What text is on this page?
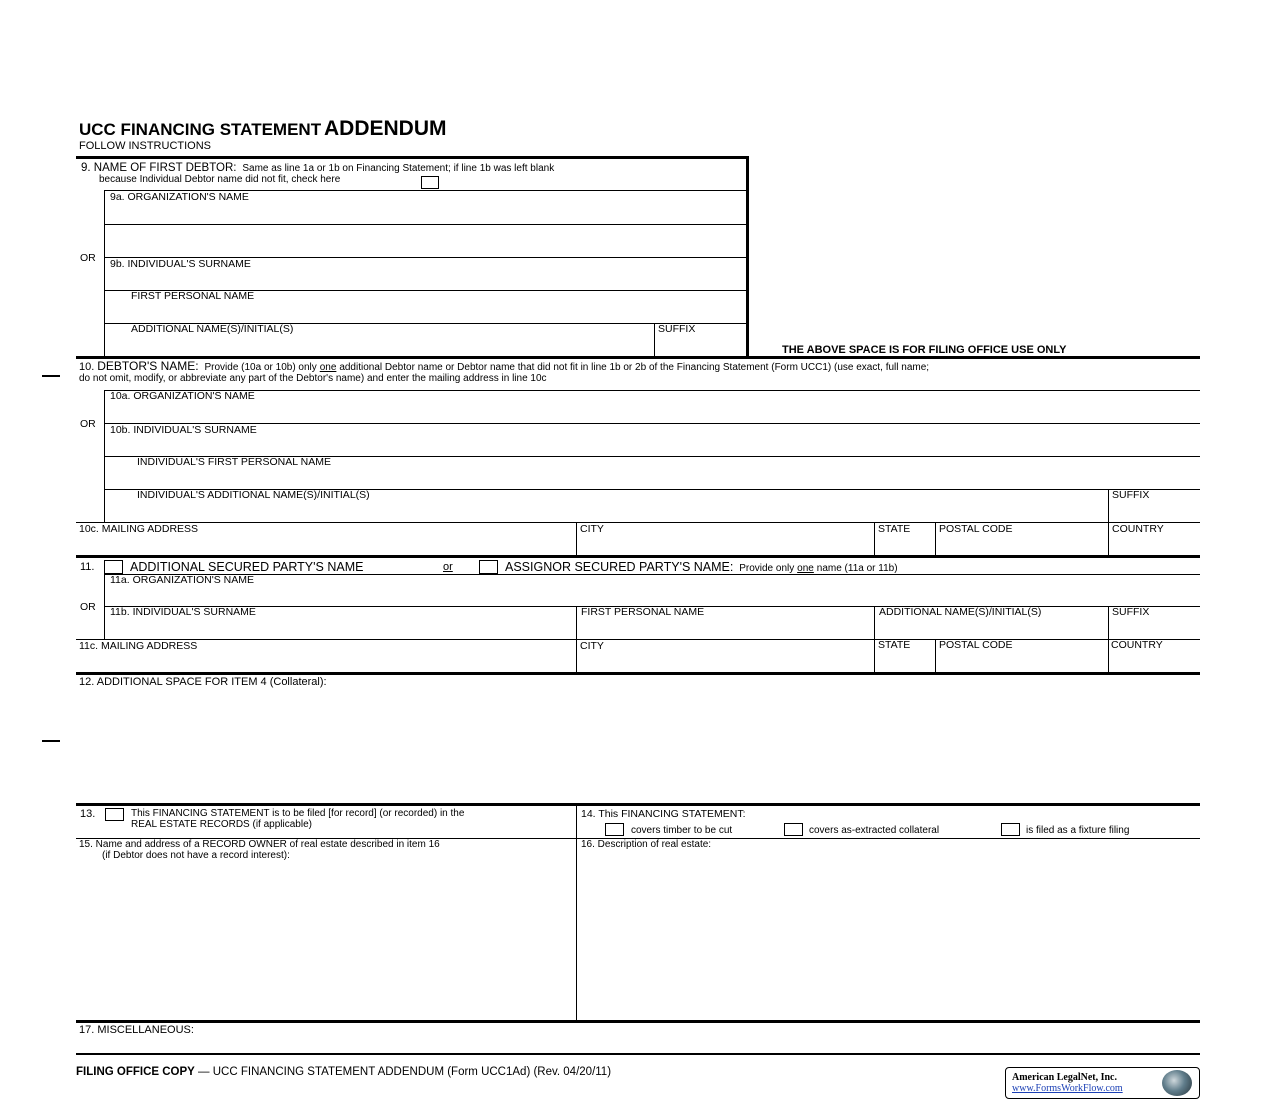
UCC FINANCING STATEMENT ADDENDUM
FOLLOW INSTRUCTIONS
9. NAME OF FIRST DEBTOR: Same as line 1a or 1b on Financing Statement; if line 1b was left blank
because Individual Debtor name did not fit, check here
9a. ORGANIZATION'S NAME
OR 9b. INDIVIDUAL'S SURNAME
FIRST PERSONAL NAME
ADDITIONAL NAME(S)/INITIAL(S)	SUFFIX
THE ABOVE SPACE IS FOR FILING OFFICE USE ONLY
10. DEBTOR'S NAME: Provide (10a or 10b) only one additional Debtor name or Debtor name that did not fit in line 1b or 2b of the Financing Statement (Form UCC1) (use exact, full name;
do not omit, modify, or abbreviate any part of the Debtor's name) and enter the mailing address in line 10c
10a. ORGANIZATION'S NAME
OR 10b. INDIVIDUAL'S SURNAME
INDIVIDUAL'S FIRST PERSONAL NAME
INDIVIDUAL'S ADDITIONAL NAME(S)/INITIAL(S)	SUFFIX
10c. MAILING ADDRESS	CITY	STATE	POSTAL CODE	COUNTRY
11.	ADDITIONAL SECURED PARTY'S NAME	or	ASSIGNOR SECURED PARTY'S NAME: Provide only one name (11a or 11b)
11a. ORGANIZATION'S NAME
OR 11b. INDIVIDUAL'S SURNAME	FIRST PERSONAL NAME	ADDITIONAL NAME(S)/INITIAL(S)	SUFFIX
11c. MAILING ADDRESS	CITY	STATE	POSTAL CODE	COUNTRY
12. ADDITIONAL SPACE FOR ITEM 4 (Collateral):
13.	This FINANCING STATEMENT is to be filed [for record] (or recorded) in the
REAL ESTATE RECORDS (if applicable)
14. This FINANCING STATEMENT:
covers timber to be cut	covers as-extracted collateral	is filed as a fixture filing
15. Name and address of a RECORD OWNER of real estate described in item 16
(if Debtor does not have a record interest):
16. Description of real estate:
17. MISCELLANEOUS:
FILING OFFICE COPY — UCC FINANCING STATEMENT ADDENDUM (Form UCC1Ad) (Rev. 04/20/11)	American LegalNet, Inc.
www.FormsWorkFlow.com
